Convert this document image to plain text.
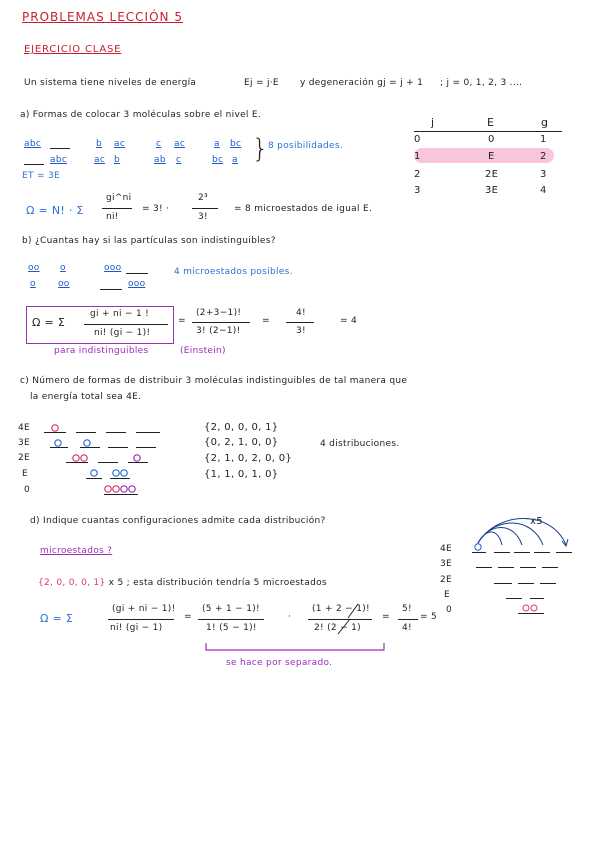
PROBLEMAS LECCIÓN 5
EJERCICIO CLASE
Un sistema tiene niveles de energía	Ej = j·E y degeneración gj = j + 1 ; j = 0, 1, 2, 3 ....
j	E	g
0	0	1
1	E	2
2	2E	3
3	3E	4
a) Formas de colocar 3 moléculas sobre el nivel E.
abc	b ac	c ac	a bc
abc	ac b	ab c	bc a } 8 posibilidades.
ET = 3E
Ω = N! · Σ
gi^ni
ni!
= 3! ·
2³
3!
= 8 microestados de igual E.
b) ¿Cuantas hay si las partículas son indistinguibles?
oo o
o oo
ooo
ooo
4 microestados posibles.
Ω = Σ
gi + ni − 1 !
ni! (gi − 1)!
=
(2+3−1)!
3! (2−1)!
=
4!
3!
= 4
para indistinguibles	(Einstein)
c) Número de formas de distribuir 3 moléculas indistinguibles de tal manera que
la energía total sea 4E.
4E
3E
2E
E
0
{2, 0, 0, 0, 1}
{0, 2, 1, 0, 0}
{2, 1, 0, 2, 0, 0}
{1, 1, 0, 1, 0}
4 distribuciones.
d) Indique cuantas configuraciones admite cada distribución?
microestados ?
x5
4E
3E
2E
E
0
{2, 0, 0, 0, 1} x 5 ; esta distribución tendría 5 microestados
Ω = Σ
(gi + ni − 1)!
ni! (gi − 1)
=
(5 + 1 − 1)!
1! (5 − 1)!
·
(1 + 2 − 1)!
2! (2 − 1)
=
5!
4!
= 5
se hace por separado.
